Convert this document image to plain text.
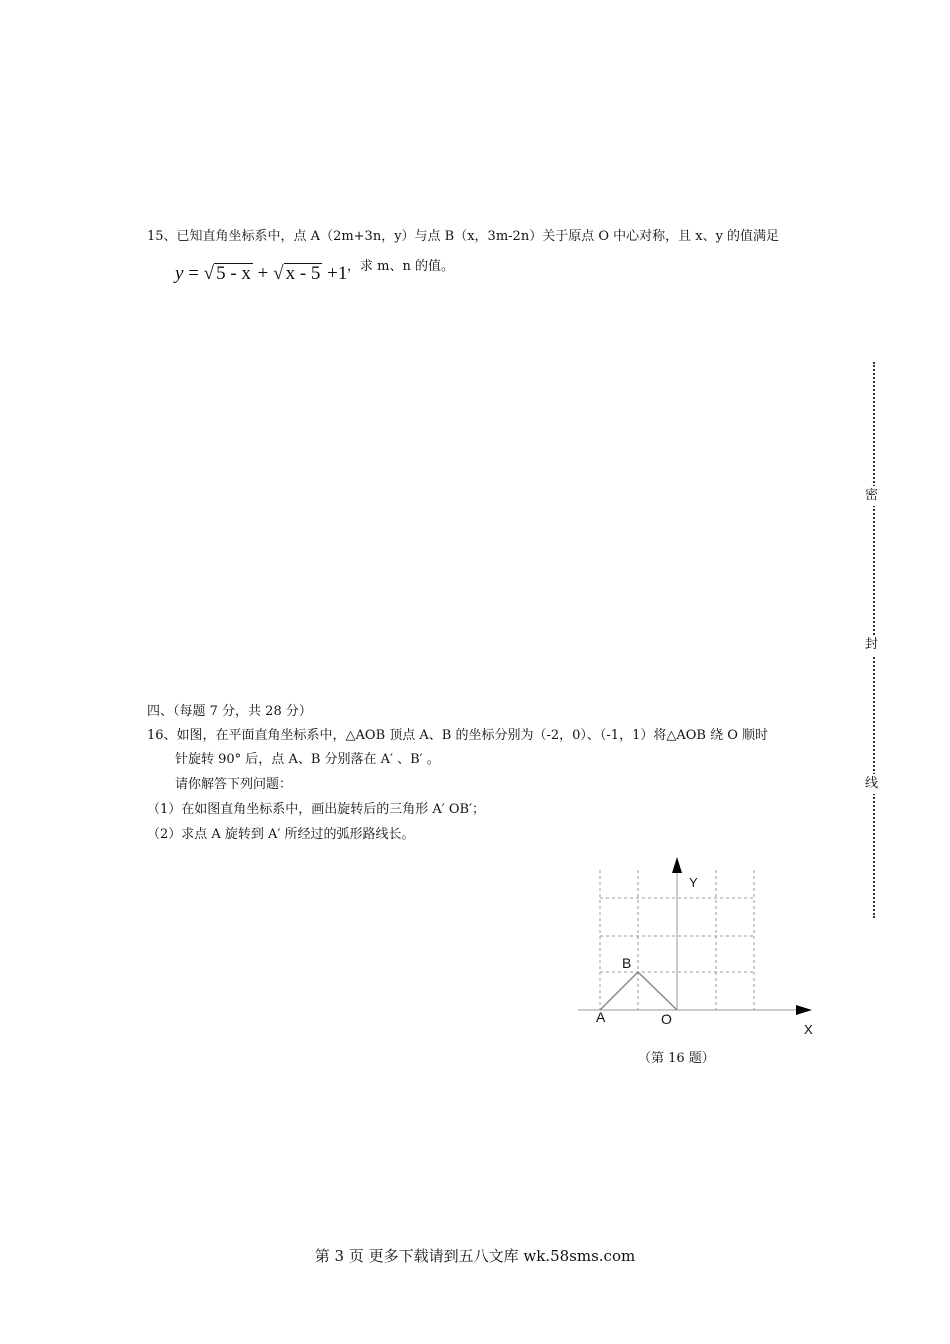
15、已知直角坐标系中，点 A（2m+3n，y）与点 B（x，3m-2n）关于原点 O 中心对称，且 x、y 的值满足
y = √ 5 - x + √ x - 5 +1 ，求 m、n 的值。
四、（每题 7 分，共 28 分）
16、如图，在平面直角坐标系中，△AOB 顶点 A、B 的坐标分别为（-2，0）、（-1，1）将△AOB 绕 O 顺时
针旋转 90° 后，点 A、B 分别落在 A′ 、B′ 。
请你解答下列问题：
（1）在如图直角坐标系中，画出旋转后的三角形 A′ OB′；
（2）求点 A 旋转到 A′ 所经过的弧形路线长。
密
封
线
Y
X
A
B
O
（第 16 题）
第 3 页 更多下载请到五八文库 wk.58sms.com
